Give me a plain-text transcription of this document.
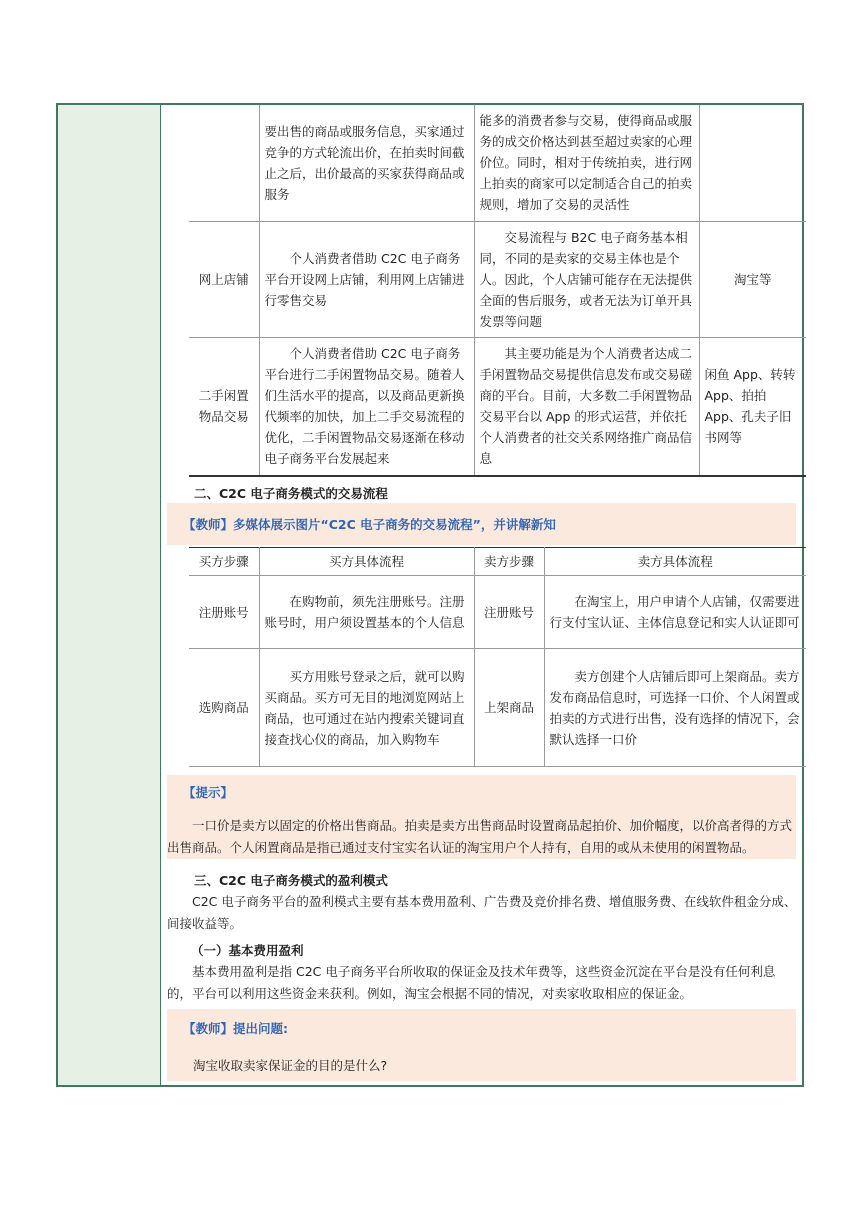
	要出售的商品或服务信息，买家通过竞争的方式轮流出价，在拍卖时间截止之后，出价最高的买家获得商品或服务	能多的消费者参与交易，使得商品或服务的成交价格达到甚至超过卖家的心理价位。同时，相对于传统拍卖，进行网上拍卖的商家可以定制适合自己的拍卖规则，增加了交易的灵活性	
网上店铺	个人消费者借助 C2C 电子商务平台开设网上店铺，利用网上店铺进行零售交易	交易流程与 B2C 电子商务基本相同，不同的是卖家的交易主体也是个人。因此，个人店铺可能存在无法提供全面的售后服务，或者无法为订单开具发票等问题	淘宝等
二手闲置物品交易	个人消费者借助 C2C 电子商务平台进行二手闲置物品交易。随着人们生活水平的提高，以及商品更新换代频率的加快，加上二手交易流程的优化，二手闲置物品交易逐渐在移动电子商务平台发展起来	其主要功能是为个人消费者达成二手闲置物品交易提供信息发布或交易磋商的平台。目前，大多数二手闲置物品交易平台以 App 的形式运营，并依托个人消费者的社交关系网络推广商品信息	闲鱼 App、转转 App、拍拍 App、孔夫子旧书网等
二、C2C 电子商务模式的交易流程
【教师】多媒体展示图片“C2C 电子商务的交易流程”，并讲解新知
买方步骤	买方具体流程	卖方步骤	卖方具体流程
注册账号	在购物前，须先注册账号。注册账号时，用户须设置基本的个人信息	注册账号	在淘宝上，用户申请个人店铺，仅需要进行支付宝认证、主体信息登记和实人认证即可
选购商品	买方用账号登录之后，就可以购买商品。买方可无目的地浏览网站上商品，也可通过在站内搜索关键词直接查找心仪的商品，加入购物车	上架商品	卖方创建个人店铺后即可上架商品。卖方发布商品信息时，可选择一口价、个人闲置或拍卖的方式进行出售，没有选择的情况下，会默认选择一口价
【提示】
一口价是卖方以固定的价格出售商品。拍卖是卖方出售商品时设置商品起拍价、加价幅度，以价高者得的方式出售商品。个人闲置商品是指已通过支付宝实名认证的淘宝用户个人持有，自用的或从未使用的闲置物品。
三、C2C 电子商务模式的盈利模式
C2C 电子商务平台的盈利模式主要有基本费用盈利、广告费及竞价排名费、增值服务费、在线软件租金分成、间接收益等。
（一）基本费用盈利
基本费用盈利是指 C2C 电子商务平台所收取的保证金及技术年费等，这些资金沉淀在平台是没有任何利息的，平台可以利用这些资金来获利。例如，淘宝会根据不同的情况，对卖家收取相应的保证金。
【教师】提出问题:
淘宝收取卖家保证金的目的是什么?
